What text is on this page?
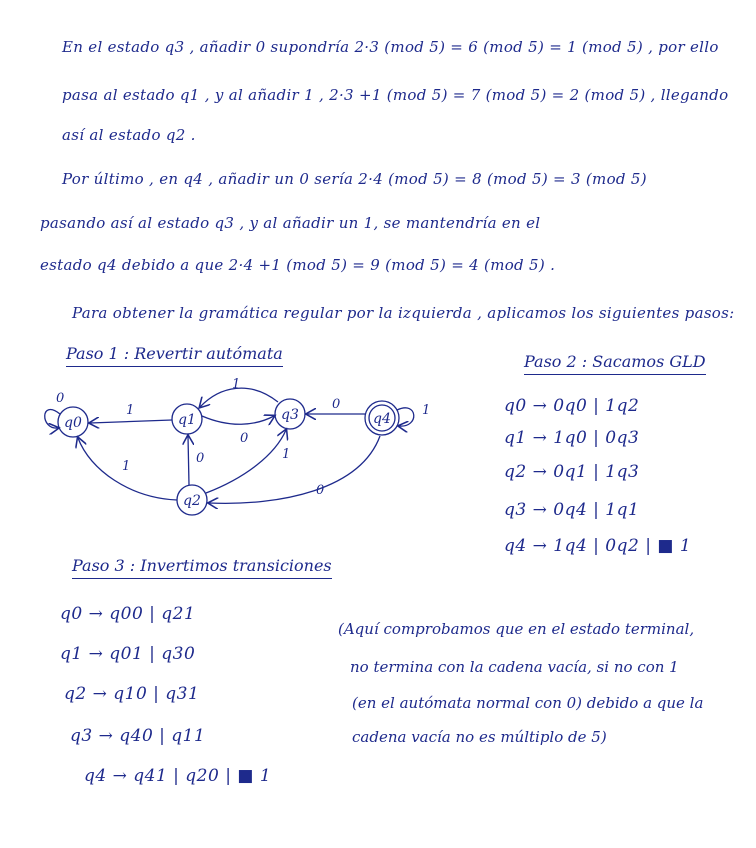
En el estado q3 , añadir 0 supondría 2·3 (mod 5) = 6 (mod 5) = 1 (mod 5) , por ello
pasa al estado q1 , y al añadir 1 , 2·3 +1 (mod 5) = 7 (mod 5) = 2 (mod 5) , llegando
así al estado q2 .
Por último , en q4 , añadir un 0 sería 2·4 (mod 5) = 8 (mod 5) = 3 (mod 5)
pasando así al estado q3 , y al añadir un 1, se mantendría en el
estado q4 debido a que 2·4 +1 (mod 5) = 9 (mod 5) = 4 (mod 5) .
Para obtener la gramática regular por la izquierda , aplicamos los siguientes pasos:
Paso 1 : Revertir autómata	Paso 2 : Sacamos GLD
q0	q1
q2
q3	q4
0
1
1
0
0	1
1
0
0
1	q0 → 0q0 | 1q2
q1 → 1q0 | 0q3
q2 → 0q1 | 1q3
q3 → 0q4 | 1q1
q4 → 1q4 | 0q2 | ■ 1
Paso 3 : Invertimos transiciones
q0 → q00 | q21
q1 → q01 | q30
q2 → q10 | q31
q3 → q40 | q11
q4 → q41 | q20 | ■ 1
(Aquí comprobamos que en el estado terminal,
no termina con la cadena vacía, si no con 1
(en el autómata normal con 0) debido a que la
cadena vacía no es múltiplo de 5)
